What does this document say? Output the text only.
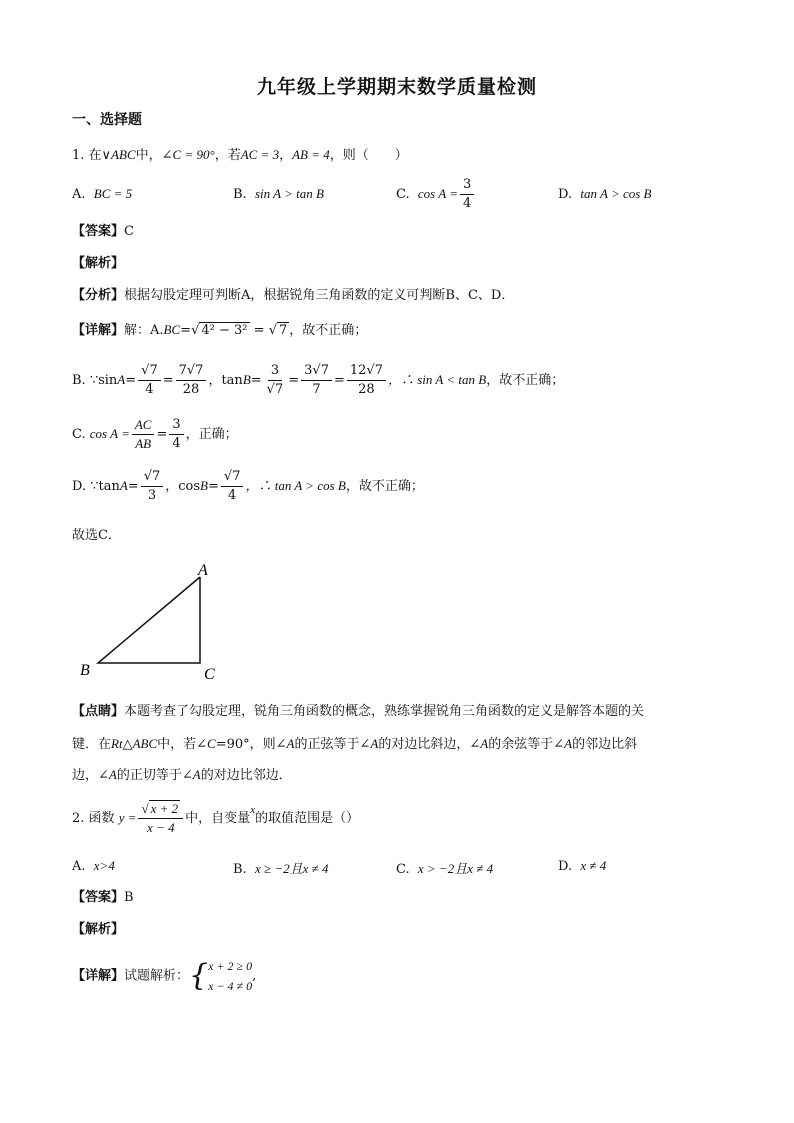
九年级上学期期末数学质量检测
一、选择题
1. 在∨ABC中，∠C = 90°，若AC = 3，AB = 4，则（　　）
A. BC = 5	B. sin A > tan B	C. $\cos A = \frac{3}{4}$	D. tan A > cos B
【答案】C
【解析】
【分析】根据勾股定理可判断A，根据锐角三角函数的定义可判断B、C、D．
【详解】解：A.BC=√ 4² − 3² = √ 7 ，故不正确；
B. ∵sinA= $\frac{√7}{4} = \frac{7√7}{28}$ ，$\tan B= \frac{3}{√7} = \frac{3√7}{7} = \frac{12√7}{28}$ ，∴ sin A < tan B，故不正确；
C. $\cos A = \frac{AC}{AB} = \frac{3}{4}$ ，正确；
D. ∵tanA= $\frac{√7}{3}$ ，$\cos B= \frac{√7}{4}$ ，∴ tan A > cos B，故不正确；
故选C．
A
B	C
【点睛】本题考查了勾股定理，锐角三角函数的概念，熟练掌握锐角三角函数的定义是解答本题的关
键．在Rt△ABC中，若∠C=90°，则∠A的正弦等于∠A的对边比斜边，∠A的余弦等于∠A的邻边比斜
边，∠A的正切等于∠A的对边比邻边．
2. 函数 $y = \frac{√ x + 2}{x - 4}$ 中，自变量$^x$的取值范围是（）
A. x>4	B. x ≥ −2且x ≠ 4	C. x > −2且x ≠ 4	D. x ≠ 4
【答案】B
【解析】
【详解】试题解析： { x + 2 ≥ 0
x − 4 ≠ 0
,
